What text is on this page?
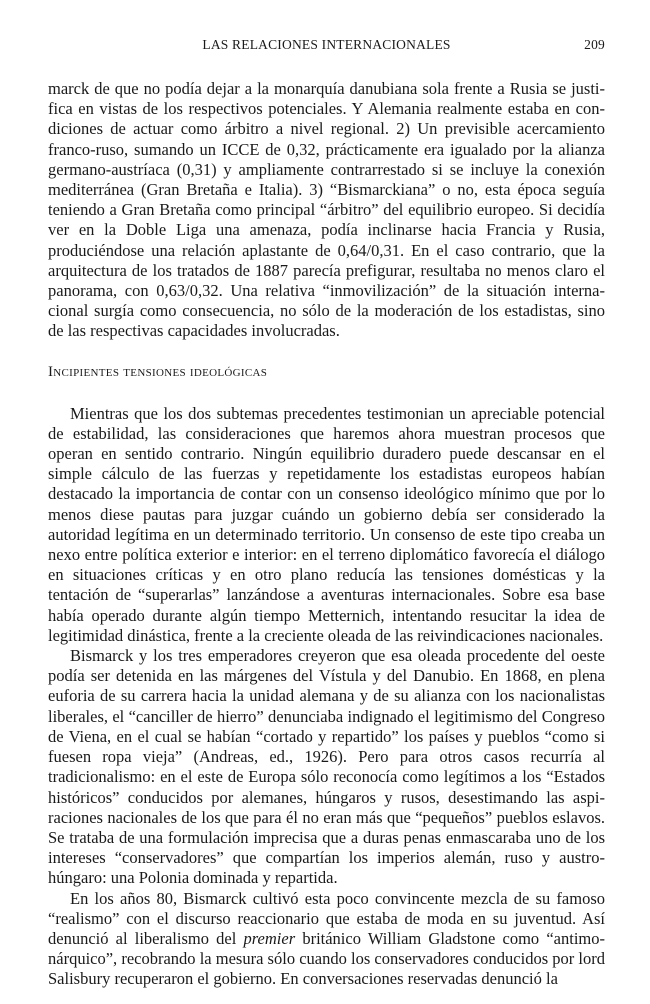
LAS RELACIONES INTERNACIONALES	209

marck de que no podía dejar a la monarquía danubiana sola frente a Rusia se justifica en vistas de los respectivos potenciales. Y Alemania realmente estaba en condiciones de actuar como árbitro a nivel regional. 2) Un previsible acercamiento franco-ruso, sumando un ICCE de 0,32, prácticamente era igualado por la alianza germano-austríaca (0,31) y ampliamente contrarrestado si se incluye la conexión mediterránea (Gran Bretaña e Italia). 3) “Bismarckiana” o no, esta época seguía teniendo a Gran Bretaña como principal “árbitro” del equilibrio europeo. Si decidía ver en la Doble Liga una amenaza, podía inclinarse hacia Francia y Rusia, produciéndose una relación aplastante de 0,64/0,31. En el caso contrario, que la arquitectura de los tratados de 1887 parecía prefigurar, resultaba no menos claro el panorama, con 0,63/0,32. Una relativa “inmovilización” de la situación internacional surgía como consecuencia, no sólo de la moderación de los estadistas, sino de las respectivas capacidades involucradas.

Incipientes tensiones ideológicas

Mientras que los dos subtemas precedentes testimonian un apreciable potencial de estabilidad, las consideraciones que haremos ahora muestran procesos que operan en sentido contrario. Ningún equilibrio duradero puede descansar en el simple cálculo de las fuerzas y repetidamente los estadistas europeos habían destacado la importancia de contar con un consenso ideológico mínimo que por lo menos diese pautas para juzgar cuándo un gobierno debía ser considerado la autoridad legítima en un determinado territorio. Un consenso de este tipo creaba un nexo entre política exterior e interior: en el terreno diplomático favorecía el diálogo en situaciones críticas y en otro plano reducía las tensiones domésticas y la tentación de “superarlas” lanzándose a aventuras internacionales. Sobre esa base había operado durante algún tiempo Metternich, intentando resucitar la idea de legitimidad dinástica, frente a la creciente oleada de las reivindicaciones nacionales.

Bismarck y los tres emperadores creyeron que esa oleada procedente del oeste podía ser detenida en las márgenes del Vístula y del Danubio. En 1868, en plena euforia de su carrera hacia la unidad alemana y de su alianza con los nacionalistas liberales, el “canciller de hierro” denunciaba indignado el legitimismo del Congreso de Viena, en el cual se habían “cortado y repartido” los países y pueblos “como si fuesen ropa vieja” (Andreas, ed., 1926). Pero para otros casos recurría al tradicionalismo: en el este de Europa sólo reconocía como legítimos a los “Estados históricos” conducidos por alemanes, húngaros y rusos, desestimando las aspiraciones nacionales de los que para él no eran más que “pequeños” pueblos eslavos. Se trataba de una formulación imprecisa que a duras penas enmascaraba uno de los intereses “conservadores” que compartían los imperios alemán, ruso y austro-húngaro: una Polonia dominada y repartida.

En los años 80, Bismarck cultivó esta poco convincente mezcla de su famoso “realismo” con el discurso reaccionario que estaba de moda en su juventud. Así denunció al liberalismo del premier británico William Gladstone como “antimonárquico”, recobrando la mesura sólo cuando los conservadores conducidos por lord Salisbury recuperaron el gobierno. En conversaciones reservadas denunció la
